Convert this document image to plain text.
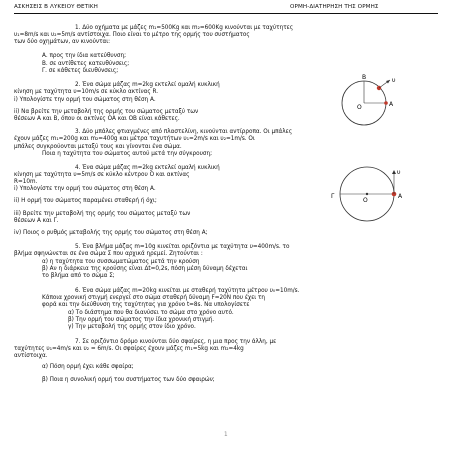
ΑΣΚΗΣΕΙΣ Β ΛΥΚΕΙΟΥ ΘΕΤΙΚΗ	ΟΡΜΗ-ΔΙΑΤΗΡΗΣΗ ΤΗΣ ΟΡΜΗΣ
1. Δύο οχήματα με μάζες m₁=500Kg και m₂=600Kg κινούνται με ταχύτητες
υ₁=8m/s και υ₂=5m/s αντίστοιχα. Ποιο είναι το μέτρο της ορμής του συστήματος
των δύο οχημάτων, αν κινούνται:
Α. προς την ίδια κατεύθυνση;
Β. σε αντίθετες κατευθύνσεις;
Γ. σε κάθετες διευθύνσεις;
2. Ένα σώμα μάζας m=2kg εκτελεί ομαλή κυκλική
κίνηση με ταχύτητα υ=10m/s σε κύκλο ακτίνας R.
i) Υπολογίστε την ορμή του σώματος στη θέση Α.
ii) Να βρείτε την μεταβολή της ορμής του σώματος μεταξύ των
θέσεων Α και Β, όπου οι ακτίνες ΟΑ και ΟΒ είναι κάθετες.
υ
Α
Β
Ο
3. Δύο μπάλες φτιαγμένες από πλαστελίνη, κινούνται αντίρροπα. Οι μπάλες
έχουν μάζες m₁=200g και m₂=400g και μέτρα ταχυτήτων υ₁=2m/s και υ₂=1m/s. Οι
μπάλες συγκρούονται μεταξύ τους και γίνονται ένα σώμα.
Ποια η ταχύτητα του σώματος αυτού μετά την σύγκρουση;
4. Ένα σώμα μάζας m=2kg εκτελεί ομαλή κυκλική
κίνηση με ταχύτητα υ=5m/s σε κύκλο κέντρου Ο και ακτίνας
R=10m.
i) Υπολογίστε την ορμή του σώματος στη θέση Α.
ii) Η ορμή του σώματος παραμένει σταθερή ή όχι;
iii) Βρείτε την μεταβολή της ορμής του σώματος μεταξύ των
θέσεων Α και Γ.
iv) Ποιος ο ρυθμός μεταβολής της ορμής του σώματος στη θέση Α;
υ
Α
Γ
Ο
5. Ένα βλήμα μάζας m=10g κινείται οριζόντια με ταχύτητα υ=400m/s. το
βλήμα σφηνώνεται σε ένα σώμα Σ που αρχικά ηρεμεί. Ζητούνται :
α) η ταχύτητα του συσσωματώματος μετά την κρούση
β) Αν η διάρκεια της κρούσης είναι Δt=0,2s, πόση μέση δύναμη δέχεται
το βλήμα από το σώμα Σ;
6. Ένα σώμα μάζας m=20kg κινείται με σταθερή ταχύτητα μέτρου υ₀=10m/s.
Κάποια χρονική στιγμή ενεργεί στο σώμα σταθερή δύναμη F=20N που έχει τη
φορά και την διεύθυνση της ταχύτητας για χρόνο t=8s. Να υπολογίσετε
α) Το διάστημα που θα διανύσει το σώμα στο χρόνο αυτό.
β) Την ορμή του σώματος την ίδια χρονική στιγμή.
γ) Την μεταβολή της ορμής στον ίδιο χρόνο.
7. Σε οριζόντιο δρόμο κινούνται δύο σφαίρες, η μια προς την άλλη, με
ταχύτητες υ₁=4m/s και υ₂ = 6m/s. Οι σφαίρες έχουν μάζες m₁=5kg και m₂=4kg
αντίστοιχα.
α) Πόση ορμή έχει κάθε σφαίρα;
β) Ποια η συνολική ορμή του συστήματος των δύο σφαιρών;
1
